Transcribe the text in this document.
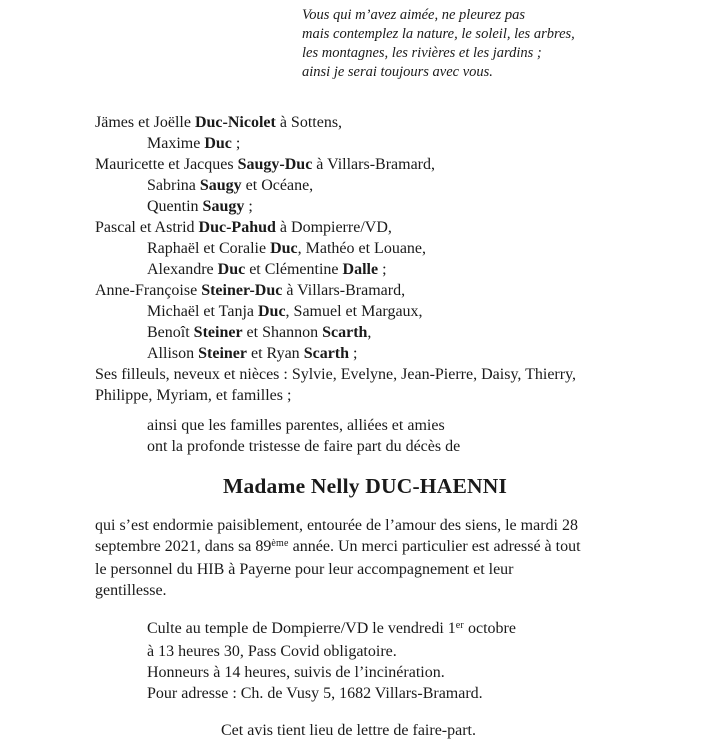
Vous qui m’avez aimée, ne pleurez pas
mais contemplez la nature, le soleil, les arbres,
les montagnes, les rivières et les jardins ;
ainsi je serai toujours avec vous.
Jämes et Joëlle Duc-Nicolet à Sottens,
Maxime Duc ;
Mauricette et Jacques Saugy-Duc à Villars-Bramard,
Sabrina Saugy et Océane,
Quentin Saugy ;
Pascal et Astrid Duc-Pahud à Dompierre/VD,
Raphaël et Coralie Duc, Mathéo et Louane,
Alexandre Duc et Clémentine Dalle ;
Anne-Françoise Steiner-Duc à Villars-Bramard,
Michaël et Tanja Duc, Samuel et Margaux,
Benoît Steiner et Shannon Scarth,
Allison Steiner et Ryan Scarth ;
Ses filleuls, neveux et nièces : Sylvie, Evelyne, Jean-Pierre, Daisy, Thierry,
Philippe, Myriam, et familles ;
ainsi que les familles parentes, alliées et amies
ont la profonde tristesse de faire part du décès de
Madame Nelly DUC-HAENNI
qui s’est endormie paisiblement, entourée de l’amour des siens, le mardi 28
septembre 2021, dans sa 89ème année. Un merci particulier est adressé à tout
le personnel du HIB à Payerne pour leur accompagnement et leur
gentillesse.
Culte au temple de Dompierre/VD le vendredi 1er octobre
à 13 heures 30, Pass Covid obligatoire.
Honneurs à 14 heures, suivis de l’incinération.
Pour adresse : Ch. de Vusy 5, 1682 Villars-Bramard.
Cet avis tient lieu de lettre de faire-part.
